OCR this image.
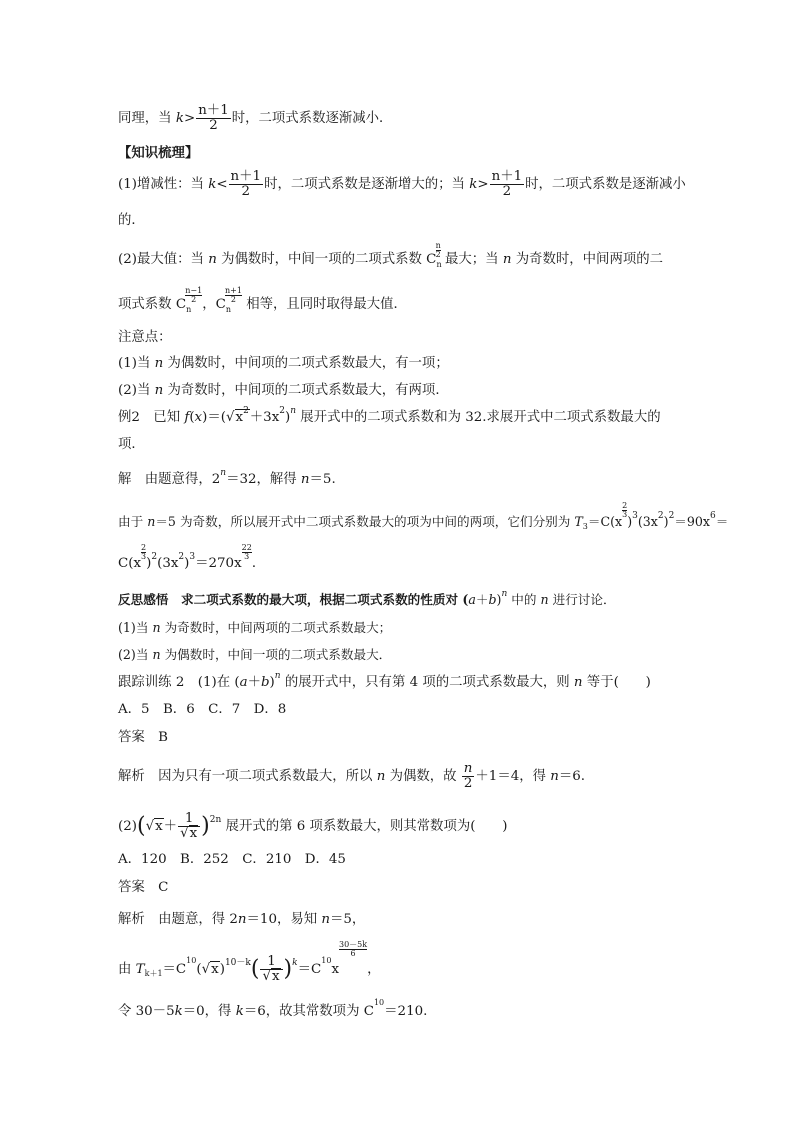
同理，当 $k> \frac{n+1}{2}$ 时，二项式系数逐渐减小．
【知识梳理】
(1)增减性：当 $k< \frac{n+1}{2}$ 时，二项式系数是逐渐增大的；当 $k> \frac{n+1}{2}$ 时，二项式系数是逐渐减小
的．
(2)最大值：当 n 为偶数时，中间一项的二项式系数 $C_n$
$\frac{n}{2}$
最大；当 n 为奇数时，中间两项的二
项式系数 $C_n$
$\frac{n-1}{2}$
，$C_n$
$\frac{n+1}{2}$
相等，且同时取得最大值．
注意点：
(1)当 n 为偶数时，中间项的二项式系数最大，有一项；
(2)当 n 为奇数时，中间项的二项式系数最大，有两项．
例2　已知 $f(x)=(√x^2+3x^2)^n$ 展开式中的二项式系数和为 32.求展开式中二项式系数最大的
项．
解　由题意得，$2^n=32$，解得 n＝5.
由于 n＝5 为奇数，所以展开式中二项式系数最大的项为中间的两项，它们分别为 $T_3=C(x$
$\frac{2}{3}$
)$^3(3x^2)^2=90x^6=$
C(x
$\frac{2}{3}$
)$^2(3x^2)^3=270x$
$\frac{22}{3}$
．
反思感悟　求二项式系数的最大项，根据二项式系数的性质对 $(a+b)^n$ 中的 n 进行讨论．
(1)当 n 为奇数时，中间两项的二项式系数最大；
(2)当 n 为偶数时，中间一项的二项式系数最大．
跟踪训练 2　(1)在 $(a+b)^n$ 的展开式中，只有第 4 项的二项式系数最大，则 n 等于(　　)
A．5　B．6　C．7　D．8
答案　B
解析　因为只有一项二项式系数最大，所以 n 为偶数，故 $\frac{n}{2} +1=4$，得 n＝6.
$(2)(√x+ \frac{1}{√x} )^{2n}$ 展开式的第 6 项系数最大，则其常数项为(　　)
A．120　B．252　C．210　D．45
答案　C
解析　由题意，得 2n＝10，易知 n＝5，
由 $T_{k+1}=C^{10}(√x)^{10-k}( \frac{1}{√x} )^k=C^{10}x$
$\frac{30-5k}{6}$
，
令 30－5k＝0，得 k＝6，故其常数项为 $C^{10}=210$.
